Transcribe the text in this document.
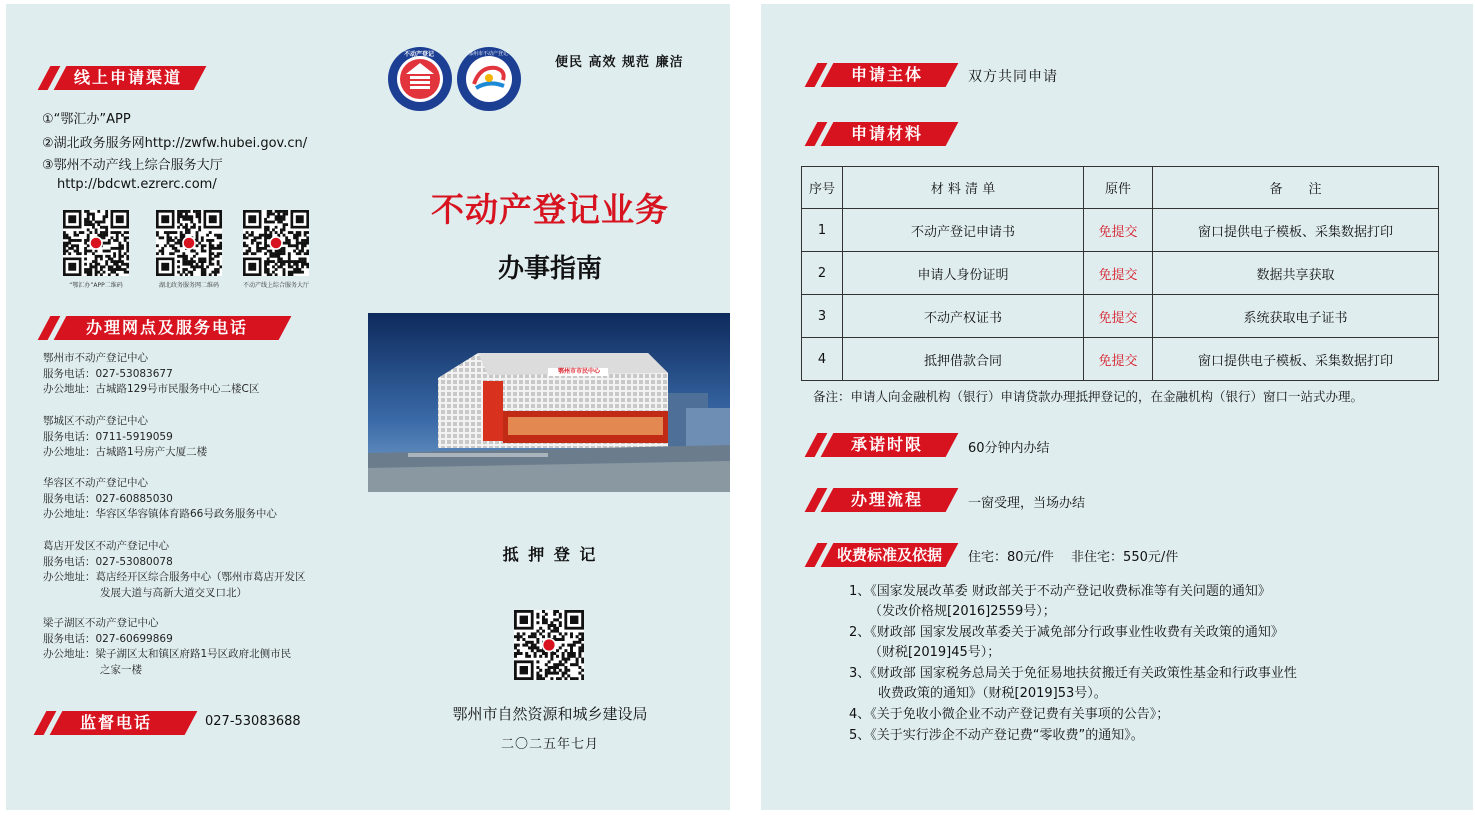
线上申请渠道
①“鄂汇办”APP
②湖北政务服务网http://zwfw.hubei.gov.cn/
③鄂州不动产线上综合服务大厅
http://bdcwt.ezrerc.com/
“鄂汇办”APP二维码	湖北政务服务网二维码	不动产线上综合服务大厅
办理网点及服务电话
鄂州市不动产登记中心
服务电话：027-53083677
办公地址：古城路129号市民服务中心二楼C区
鄂城区不动产登记中心
服务电话：0711-5919059
办公地址：古城路1号房产大厦二楼
华容区不动产登记中心
服务电话：027-60885030
办公地址：华容区华容镇体育路66号政务服务中心
葛店开发区不动产登记中心
服务电话：027-53080078
办公地址：葛店经开区综合服务中心（鄂州市葛店开发区
发展大道与高新大道交叉口北）
梁子湖区不动产登记中心
服务电话：027-60699869
办公地址：梁子湖区太和镇区府路1号区政府北侧市民
之家一楼
监督电话	027-53083688
不动产登记	鄂州市不动产登记
便民 高效 规范 廉洁
不动产登记业务
办事指南
鄂州市市民中心
抵 押 登 记
鄂州市自然资源和城乡建设局
二〇二五年七月
申请主体	双方共同申请
申请材料
序号	材 料 清 单	原件	备　　注
1	不动产登记申请书	免提交	窗口提供电子模板、采集数据打印
2	申请人身份证明	免提交	数据共享获取
3	不动产权证书	免提交	系统获取电子证书
4	抵押借款合同	免提交	窗口提供电子模板、采集数据打印
备注：申请人向金融机构（银行）申请贷款办理抵押登记的，在金融机构（银行）窗口一站式办理。
承诺时限	60分钟内办结
办理流程	一窗受理，当场办结
收费标准及依据 住宅：80元/件　 非住宅：550元/件
1、《国家发展改革委 财政部关于不动产登记收费标准等有关问题的通知》
（发改价格规[2016]2559号）；
2、《财政部 国家发展改革委关于减免部分行政事业性收费有关政策的通知》
（财税[2019]45号）；
3、《财政部 国家税务总局关于免征易地扶贫搬迁有关政策性基金和行政事业性
收费政策的通知》（财税[2019]53号）。
4、《关于免收小微企业不动产登记费有关事项的公告》；
5、《关于实行涉企不动产登记费“零收费”的通知》。
